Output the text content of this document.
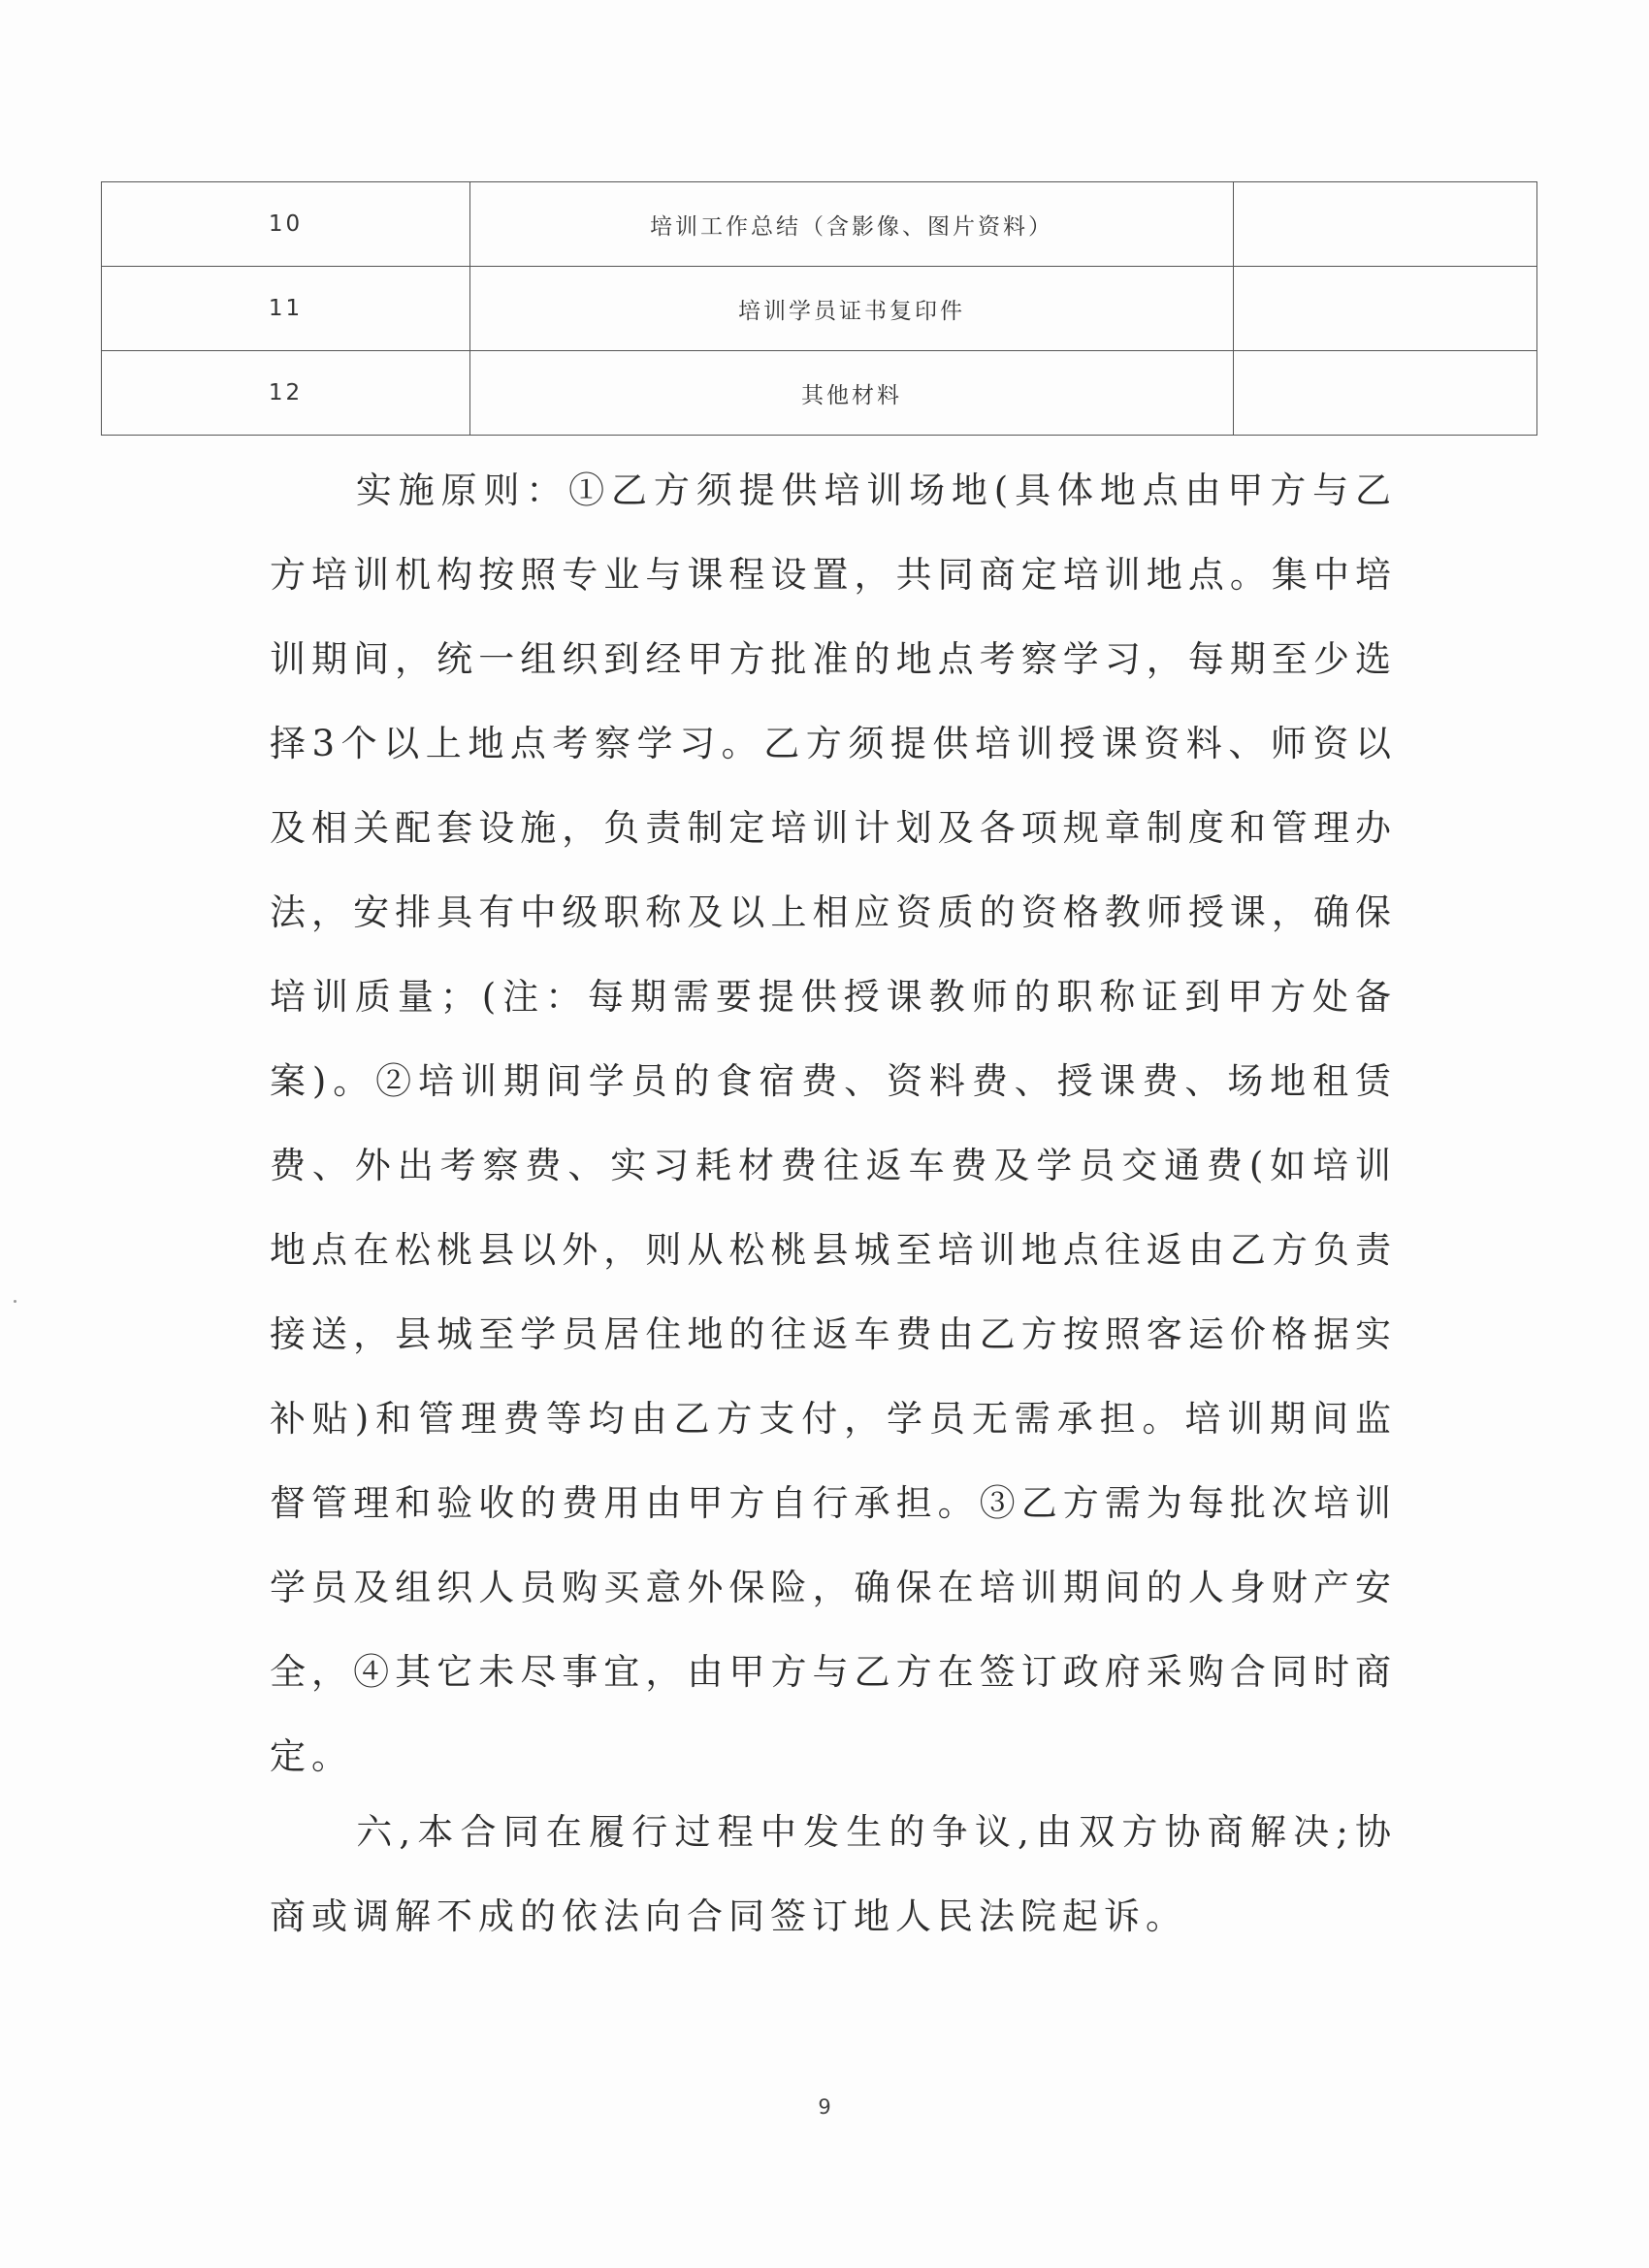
10	培训工作总结（含影像、图片资料）	
11	培训学员证书复印件	
12	其他材料	
实施原则：①乙方须提供培训场地(具体地点由甲方与乙方培训机构按照专业与课程设置，共同商定培训地点。集中培训期间，统一组织到经甲方批准的地点考察学习，每期至少选择3个以上地点考察学习。乙方须提供培训授课资料、师资以及相关配套设施，负责制定培训计划及各项规章制度和管理办法，安排具有中级职称及以上相应资质的资格教师授课，确保培训质量；(注：每期需要提供授课教师的职称证到甲方处备案)。②培训期间学员的食宿费、资料费、授课费、场地租赁费、外出考察费、实习耗材费往返车费及学员交通费(如培训地点在松桃县以外，则从松桃县城至培训地点往返由乙方负责接送，县城至学员居住地的往返车费由乙方按照客运价格据实补贴)和管理费等均由乙方支付，学员无需承担。培训期间监督管理和验收的费用由甲方自行承担。③乙方需为每批次培训学员及组织人员购买意外保险，确保在培训期间的人身财产安全，④其它未尽事宜，由甲方与乙方在签订政府采购合同时商定。
六,本合同在履行过程中发生的争议,由双方协商解决;协商或调解不成的依法向合同签订地人民法院起诉。
9
